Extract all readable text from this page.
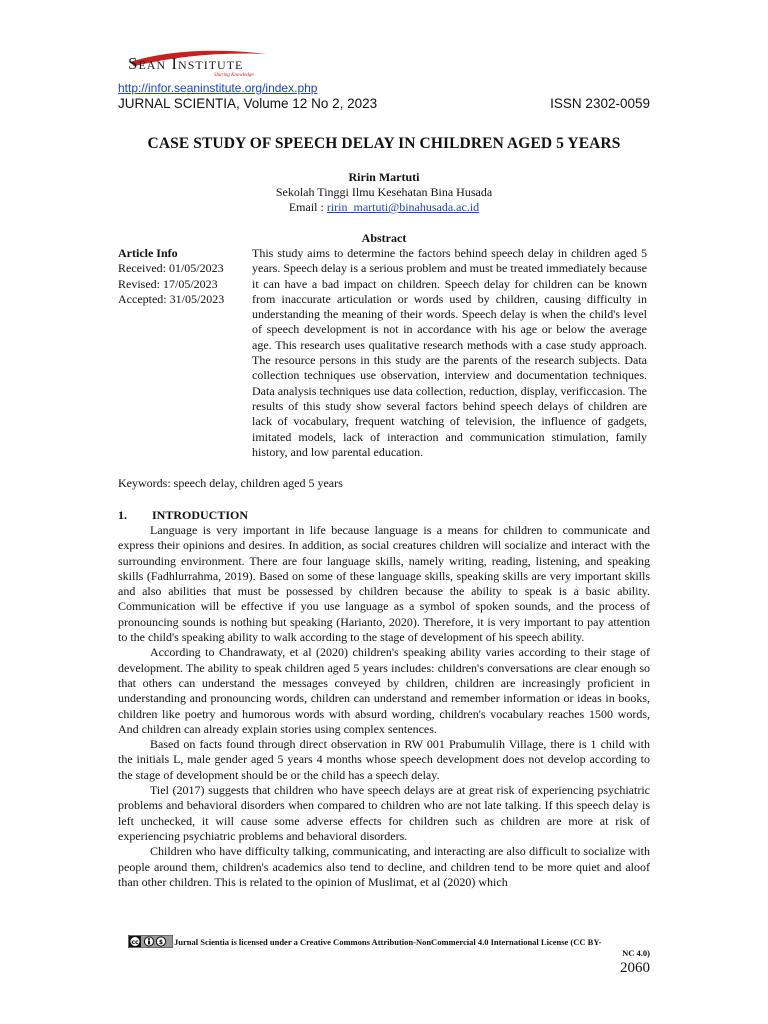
Sean Institute
Sharing Knowledge
http://infor.seaninstitute.org/index.php
JURNAL SCIENTIA, Volume 12 No 2, 2023	ISSN 2302-0059
CASE STUDY OF SPEECH DELAY IN CHILDREN AGED 5 YEARS
Ririn Martuti
Sekolah Tinggi Ilmu Kesehatan Bina Husada
Email : ririn_martuti@binahusada.ac.id
Abstract
Article Info
Received: 01/05/2023
Revised: 17/05/2023
Accepted: 31/05/2023
This study aims to determine the factors behind speech delay in children aged 5 years. Speech delay is a serious problem and must be treated immediately because it can have a bad impact on children. Speech delay for children can be known from inaccurate articulation or words used by children, causing difficulty in understanding the meaning of their words. Speech delay is when the child's level of speech development is not in accordance with his age or below the average age. This research uses qualitative research methods with a case study approach. The resource persons in this study are the parents of the research subjects. Data collection techniques use observation, interview and documentation techniques. Data analysis techniques use data collection, reduction, display, verificcasion. The results of this study show several factors behind speech delays of children are lack of vocabulary, frequent watching of television, the influence of gadgets, imitated models, lack of interaction and communication stimulation, family history, and low parental education.
Keywords: speech delay, children aged 5 years
1. INTRODUCTION

Language is very important in life because language is a means for children to communicate and express their opinions and desires. In addition, as social creatures children will socialize and interact with the surrounding environment. There are four language skills, namely writing, reading, listening, and speaking skills (Fadhlurrahma, 2019). Based on some of these language skills, speaking skills are very important skills and also abilities that must be possessed by children because the ability to speak is a basic ability. Communication will be effective if you use language as a symbol of spoken sounds, and the process of pronouncing sounds is nothing but speaking (Harianto, 2020). Therefore, it is very important to pay attention to the child's speaking ability to walk according to the stage of development of his speech ability.

According to Chandrawaty, et al (2020) children's speaking ability varies according to their stage of development. The ability to speak children aged 5 years includes: children's conversations are clear enough so that others can understand the messages conveyed by children, children are increasingly proficient in understanding and pronouncing words, children can understand and remember information or ideas in books, children like poetry and humorous words with absurd wording, children's vocabulary reaches 1500 words, And children can already explain stories using complex sentences.

Based on facts found through direct observation in RW 001 Prabumulih Village, there is 1 child with the initials L, male gender aged 5 years 4 months whose speech development does not develop according to the stage of development should be or the child has a speech delay.

Tiel (2017) suggests that children who have speech delays are at great risk of experiencing psychiatric problems and behavioral disorders when compared to children who are not late talking. If this speech delay is left unchecked, it will cause some adverse effects for children such as children are more at risk of experiencing psychiatric problems and behavioral disorders.

Children who have difficulty talking, communicating, and interacting are also difficult to socialize with people around them, children's academics also tend to decline, and children tend to be more quiet and aloof than other children. This is related to the opinion of Muslimat, et al (2020) which

cc	$ Jurnal Scientia is licensed under a Creative Commons Attribution-NonCommercial 4.0 International License (CC BY-
NC 4.0)
2060
